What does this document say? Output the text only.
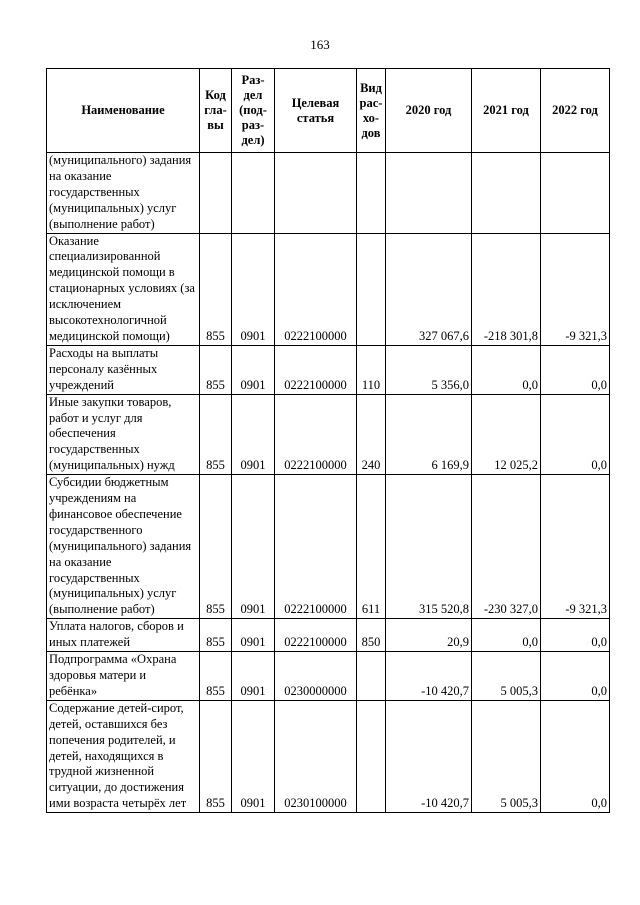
163
Наименование	Код гла- вы	Раз- дел (под- раз- дел)	Целевая статья	Вид рас- хо- дов	2020 год	2021 год	2022 год
(муниципального) задания на оказание государственных (муниципальных) услуг (выполнение работ)							
Оказание специализированной медицинской помощи в стационарных условиях (за исключением высокотехнологичной медицинской помощи)	855	0901	0222100000		327 067,6	-218 301,8	-9 321,3
Расходы на выплаты персоналу казённых учреждений	855	0901	0222100000	110	5 356,0	0,0	0,0
Иные закупки товаров, работ и услуг для обеспечения государственных (муниципальных) нужд	855	0901	0222100000	240	6 169,9	12 025,2	0,0
Субсидии бюджетным учреждениям на финансовое обеспечение государственного (муниципального) задания на оказание государственных (муниципальных) услуг (выполнение работ)	855	0901	0222100000	611	315 520,8	-230 327,0	-9 321,3
Уплата налогов, сборов и иных платежей	855	0901	0222100000	850	20,9	0,0	0,0
Подпрограмма «Охрана здоровья матери и ребёнка»	855	0901	0230000000		-10 420,7	5 005,3	0,0
Содержание детей-сирот, детей, оставшихся без попечения родителей, и детей, находящихся в трудной жизненной ситуации, до достижения ими возраста четырёх лет	855	0901	0230100000		-10 420,7	5 005,3	0,0
